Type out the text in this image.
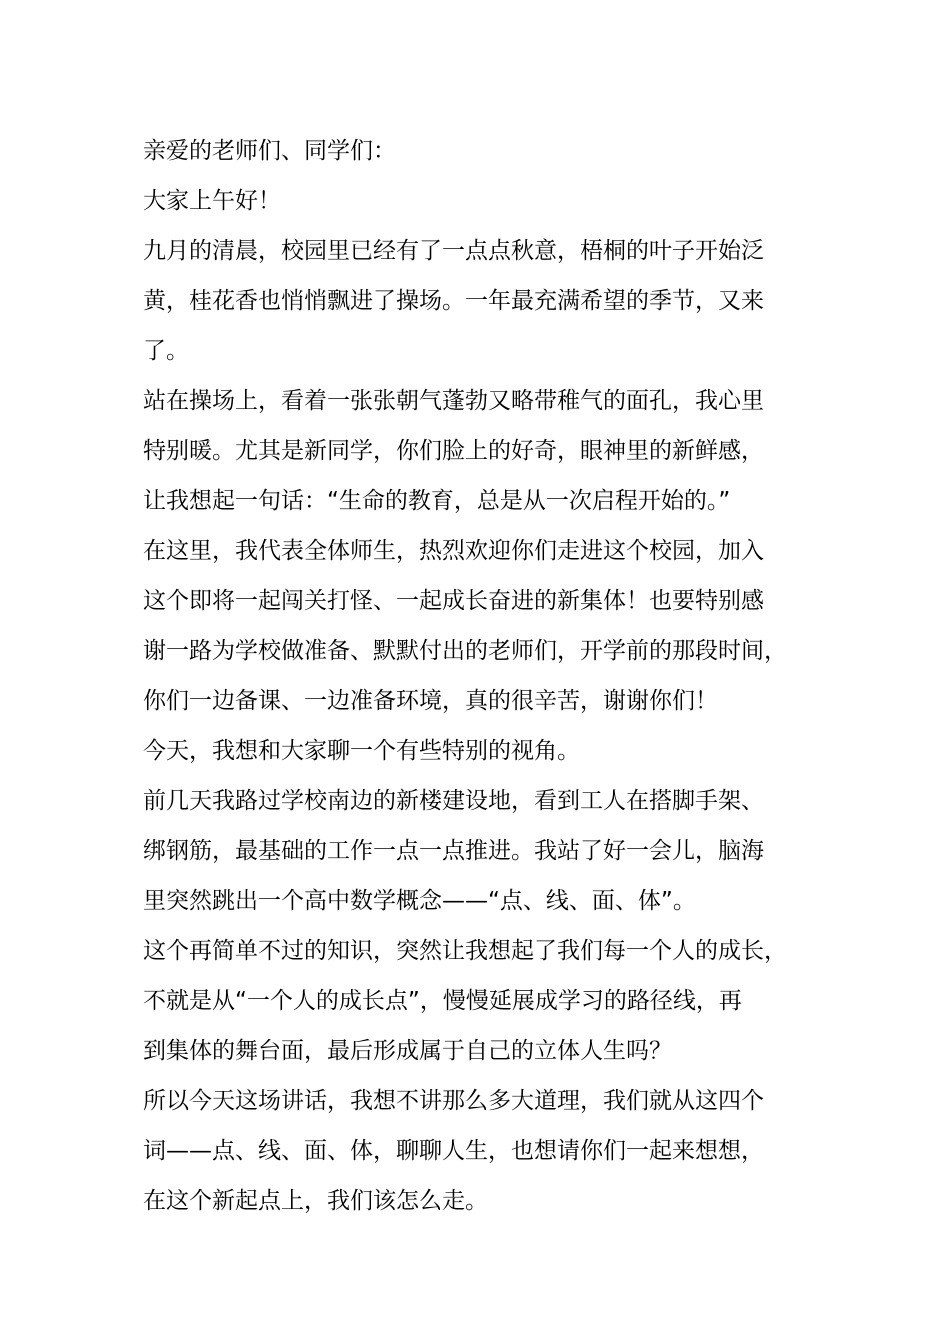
亲爱的老师们、同学们：
大家上午好！
九月的清晨，校园里已经有了一点点秋意，梧桐的叶子开始泛
黄，桂花香也悄悄飘进了操场。一年最充满希望的季节，又来
了。
站在操场上，看着一张张朝气蓬勃又略带稚气的面孔，我心里
特别暖。尤其是新同学，你们脸上的好奇，眼神里的新鲜感，
让我想起一句话：“生命的教育，总是从一次启程开始的。”
在这里，我代表全体师生，热烈欢迎你们走进这个校园，加入
这个即将一起闯关打怪、一起成长奋进的新集体！也要特别感
谢一路为学校做准备、默默付出的老师们，开学前的那段时间，
你们一边备课、一边准备环境，真的很辛苦，谢谢你们！
今天，我想和大家聊一个有些特别的视角。
前几天我路过学校南边的新楼建设地，看到工人在搭脚手架、
绑钢筋，最基础的工作一点一点推进。我站了好一会儿，脑海
里突然跳出一个高中数学概念——“点、线、面、体”。
这个再简单不过的知识，突然让我想起了我们每一个人的成长，
不就是从“一个人的成长点”，慢慢延展成学习的路径线，再
到集体的舞台面，最后形成属于自己的立体人生吗？
所以今天这场讲话，我想不讲那么多大道理，我们就从这四个
词——点、线、面、体，聊聊人生，也想请你们一起来想想，
在这个新起点上，我们该怎么走。
